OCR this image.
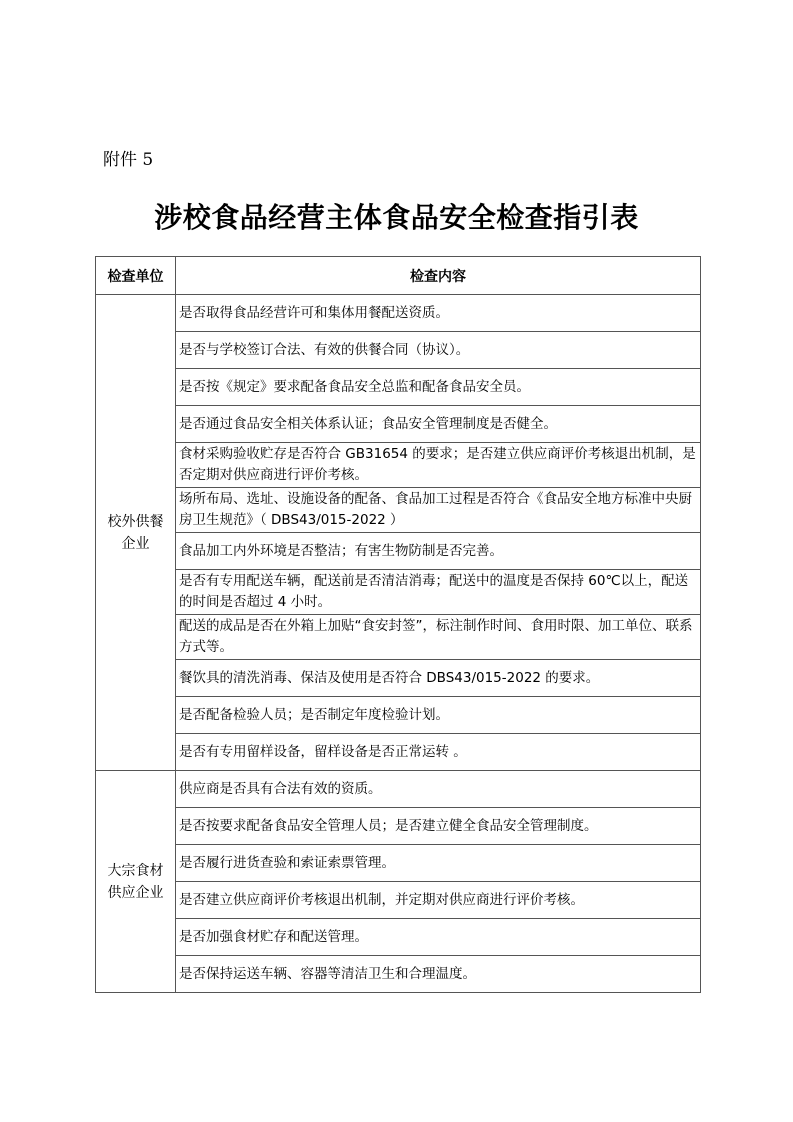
附件 5
涉校食品经营主体食品安全检查指引表
检查单位	检查内容

校外供餐
企业	是否取得食品经营许可和集体用餐配送资质。
	是否与学校签订合法、有效的供餐合同（协议）。
	是否按《规定》要求配备食品安全总监和配备食品安全员。
	是否通过食品安全相关体系认证；食品安全管理制度是否健全。
	食材采购验收贮存是否符合 GB31654 的要求；是否建立供应商评价考核退出机制，是否定期对供应商进行评价考核。
	场所布局、选址、设施设备的配备、食品加工过程是否符合《食品安全地方标准中央厨房卫生规范》（ DBS43/015-2022 ）
	食品加工内外环境是否整洁；有害生物防制是否完善。
	是否有专用配送车辆，配送前是否清洁消毒；配送中的温度是否保持 60℃以上，配送的时间是否超过 4 小时。
	配送的成品是否在外箱上加贴“食安封签”，标注制作时间、食用时限、加工单位、联系方式等。
	餐饮具的清洗消毒、保洁及使用是否符合 DBS43/015-2022 的要求。
	是否配备检验人员；是否制定年度检验计划。
	是否有专用留样设备，留样设备是否正常运转 。

大宗食材
供应企业	供应商是否具有合法有效的资质。
	是否按要求配备食品安全管理人员；是否建立健全食品安全管理制度。
	是否履行进货查验和索证索票管理。
	是否建立供应商评价考核退出机制，并定期对供应商进行评价考核。
	是否加强食材贮存和配送管理。
	是否保持运送车辆、容器等清洁卫生和合理温度。
